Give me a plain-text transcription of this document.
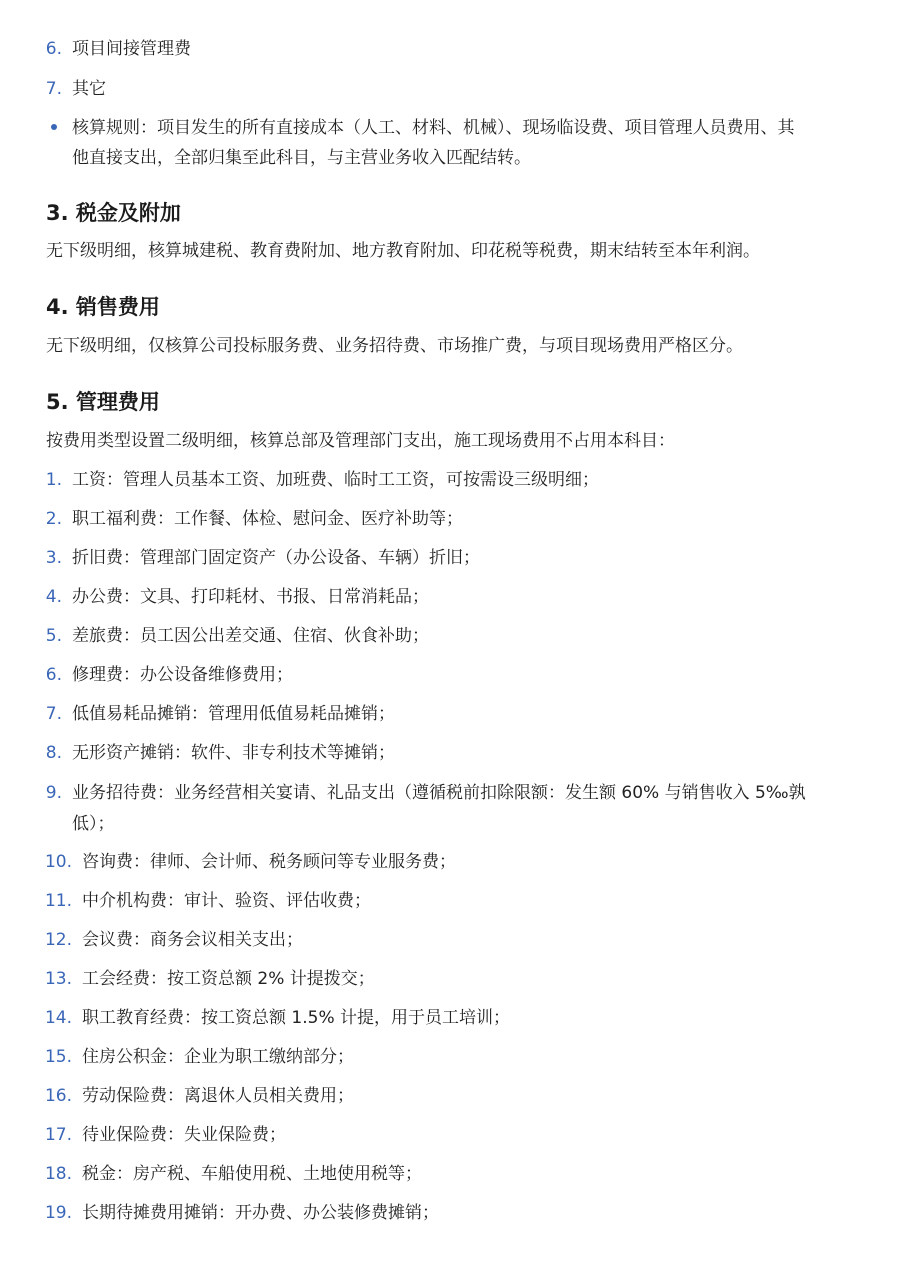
6. 项目间接管理费
7. 其它
核算规则：项目发生的所有直接成本（人工、材料、机械）、现场临设费、项目管理人员费用、其
他直接支出，全部归集至此科目，与主营业务收入匹配结转。
3. 税金及附加
无下级明细，核算城建税、教育费附加、地方教育附加、印花税等税费，期末结转至本年利润。
4. 销售费用
无下级明细，仅核算公司投标服务费、业务招待费、市场推广费，与项目现场费用严格区分。
5. 管理费用
按费用类型设置二级明细，核算总部及管理部门支出，施工现场费用不占用本科目：
1. 工资：管理人员基本工资、加班费、临时工工资，可按需设三级明细；
2. 职工福利费：工作餐、体检、慰问金、医疗补助等；
3. 折旧费：管理部门固定资产（办公设备、车辆）折旧；
4. 办公费：文具、打印耗材、书报、日常消耗品；
5. 差旅费：员工因公出差交通、住宿、伙食补助；
6. 修理费：办公设备维修费用；
7. 低值易耗品摊销：管理用低值易耗品摊销；
8. 无形资产摊销：软件、非专利技术等摊销；
9. 业务招待费：业务经营相关宴请、礼品支出（遵循税前扣除限额：发生额 60% 与销售收入 5‰孰
低）；
10. 咨询费：律师、会计师、税务顾问等专业服务费；
11. 中介机构费：审计、验资、评估收费；
12. 会议费：商务会议相关支出；
13. 工会经费：按工资总额 2% 计提拨交；
14. 职工教育经费：按工资总额 1.5% 计提，用于员工培训；
15. 住房公积金：企业为职工缴纳部分；
16. 劳动保险费：离退休人员相关费用；
17. 待业保险费：失业保险费；
18. 税金：房产税、车船使用税、土地使用税等；
19. 长期待摊费用摊销：开办费、办公装修费摊销；
